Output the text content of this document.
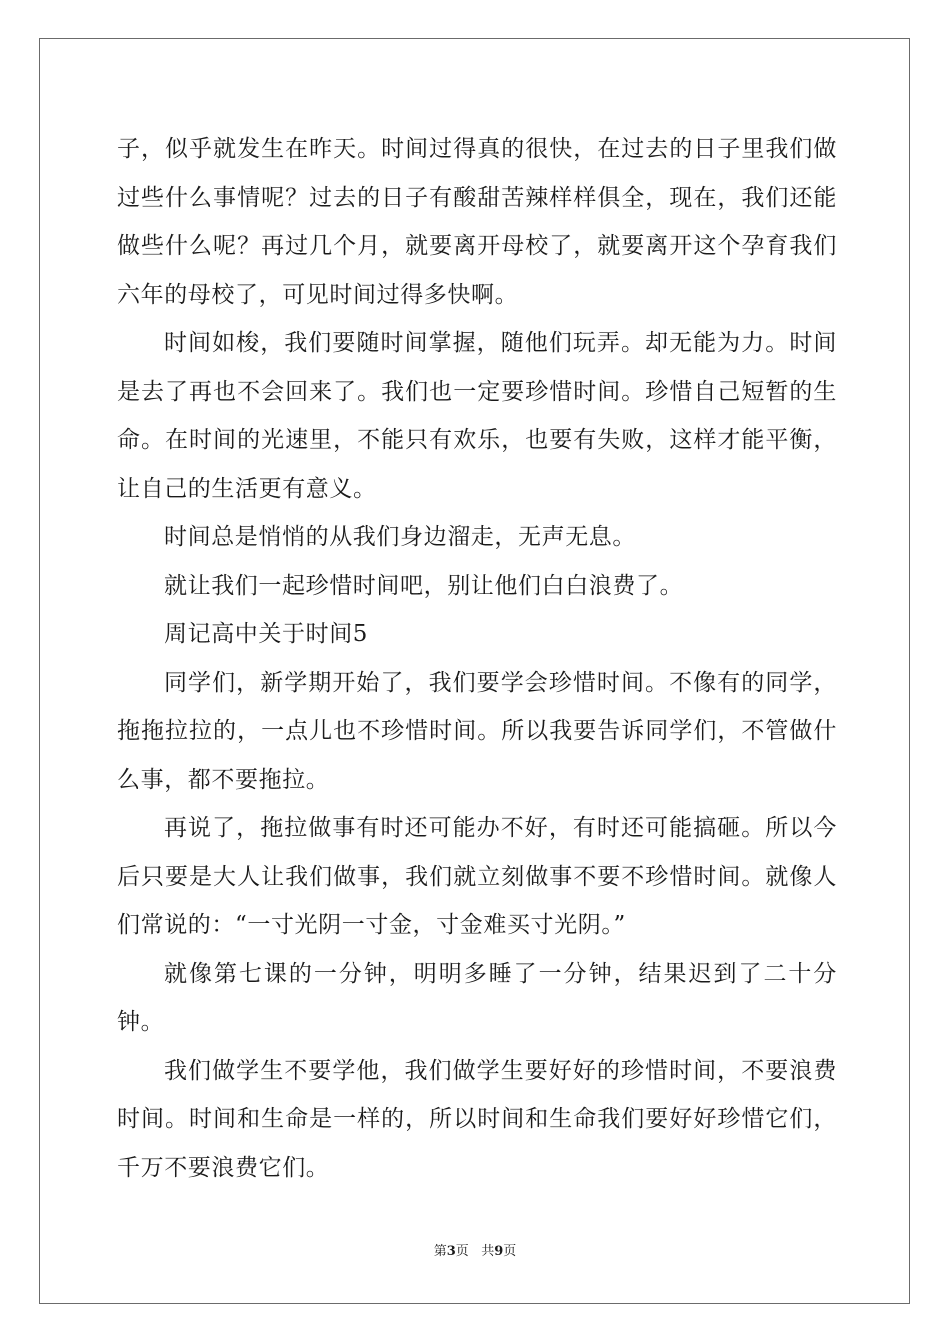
子，似乎就发生在昨天。时间过得真的很快，在过去的日子里我们做过些什么事情呢？过去的日子有酸甜苦辣样样俱全，现在，我们还能做些什么呢？再过几个月，就要离开母校了，就要离开这个孕育我们六年的母校了，可见时间过得多快啊。

时间如梭，我们要随时间掌握，随他们玩弄。却无能为力。时间是去了再也不会回来了。我们也一定要珍惜时间。珍惜自己短暂的生命。在时间的光速里，不能只有欢乐，也要有失败，这样才能平衡，让自己的生活更有意义。

时间总是悄悄的从我们身边溜走，无声无息。

就让我们一起珍惜时间吧，别让他们白白浪费了。

周记高中关于时间5

同学们，新学期开始了，我们要学会珍惜时间。不像有的同学，拖拖拉拉的，一点儿也不珍惜时间。所以我要告诉同学们，不管做什么事，都不要拖拉。

再说了，拖拉做事有时还可能办不好，有时还可能搞砸。所以今后只要是大人让我们做事，我们就立刻做事不要不珍惜时间。就像人们常说的：“一寸光阴一寸金，寸金难买寸光阴。”

就像第七课的一分钟，明明多睡了一分钟，结果迟到了二十分钟。

我们做学生不要学他，我们做学生要好好的珍惜时间，不要浪费时间。时间和生命是一样的，所以时间和生命我们要好好珍惜它们，千万不要浪费它们。

第3页 共9页
